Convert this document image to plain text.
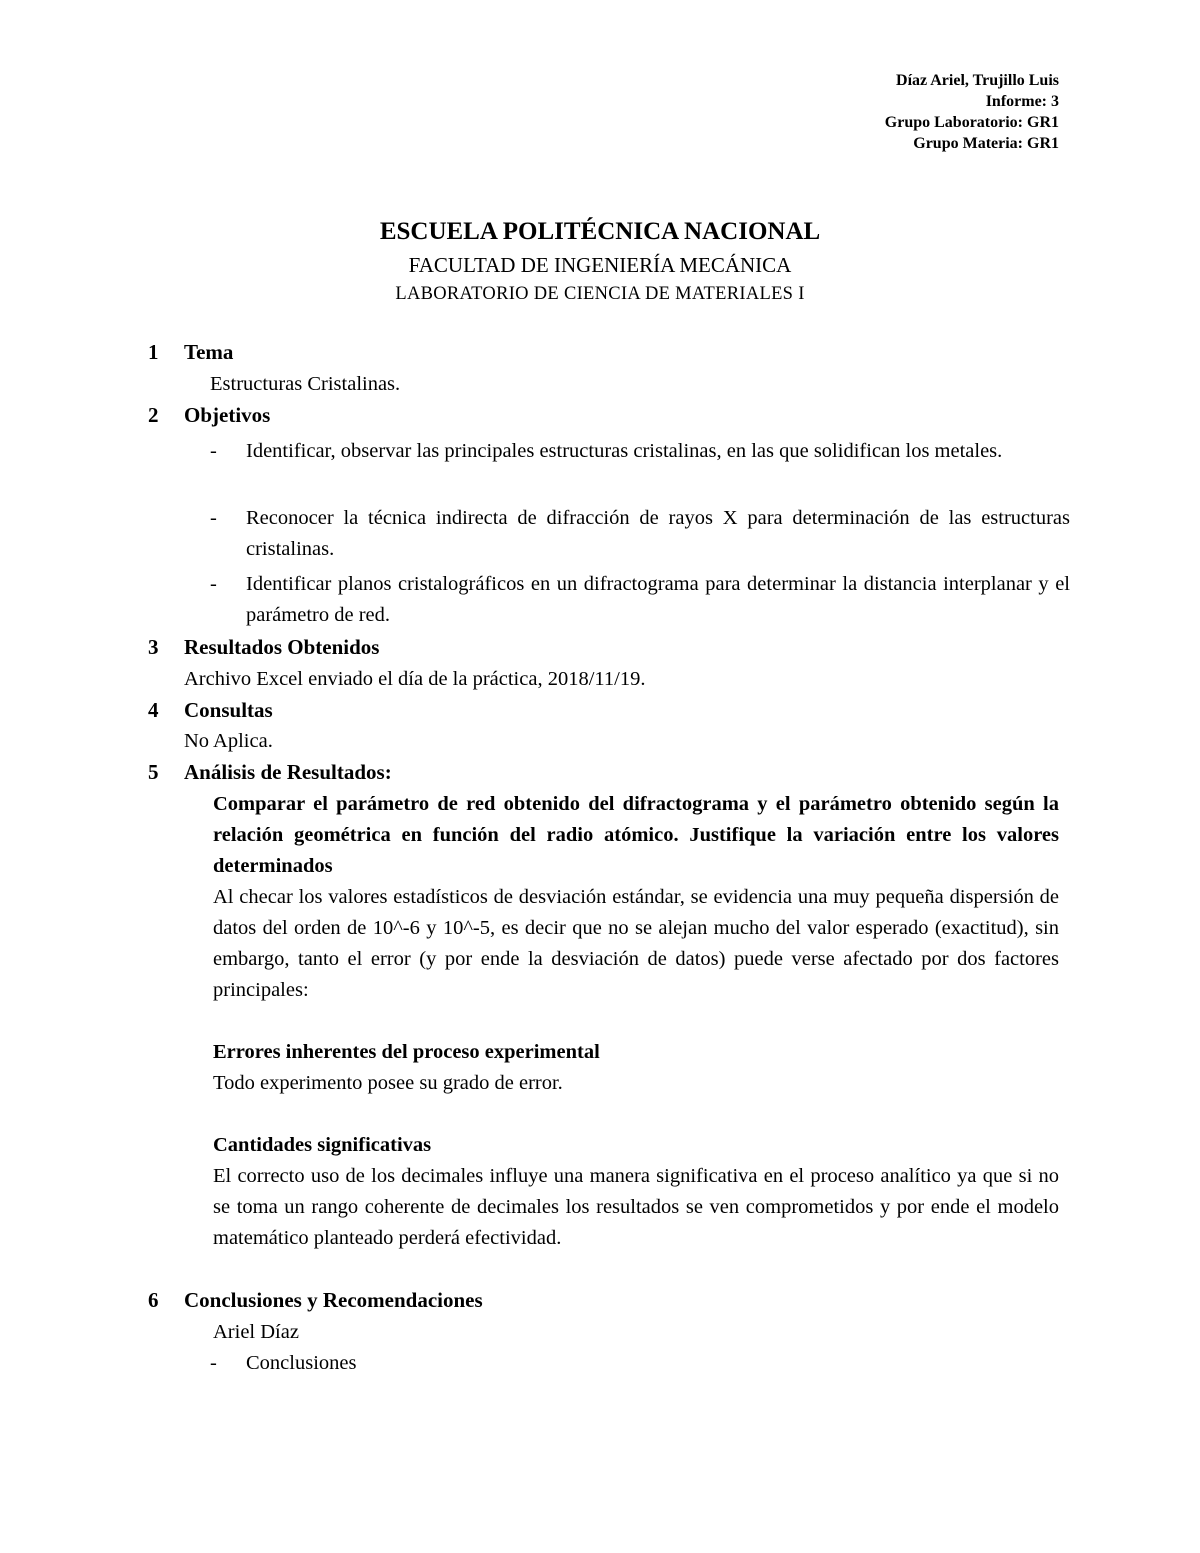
Díaz Ariel, Trujillo Luis
Informe: 3
Grupo Laboratorio: GR1
Grupo Materia: GR1
ESCUELA POLITÉCNICA NACIONAL
FACULTAD DE INGENIERÍA MECÁNICA
LABORATORIO DE CIENCIA DE MATERIALES I
1 Tema
Estructuras Cristalinas.
2 Objetivos
- Identificar, observar las principales estructuras cristalinas, en las que solidifican los metales.
- Reconocer la técnica indirecta de difracción de rayos X para determinación de las estructuras cristalinas.
- Identificar planos cristalográficos en un difractograma para determinar la distancia interplanar y el parámetro de red.
3 Resultados Obtenidos
Archivo Excel enviado el día de la práctica, 2018/11/19.
4 Consultas
No Aplica.
5 Análisis de Resultados:
Comparar el parámetro de red obtenido del difractograma y el parámetro obtenido según la relación geométrica en función del radio atómico. Justifique la variación entre los valores determinados
Al checar los valores estadísticos de desviación estándar, se evidencia una muy pequeña dispersión de datos del orden de 10^-6 y 10^-5, es decir que no se alejan mucho del valor esperado (exactitud), sin embargo, tanto el error (y por ende la desviación de datos) puede verse afectado por dos factores principales:
Errores inherentes del proceso experimental
Todo experimento posee su grado de error.
Cantidades significativas
El correcto uso de los decimales influye una manera significativa en el proceso analítico ya que si no se toma un rango coherente de decimales los resultados se ven comprometidos y por ende el modelo matemático planteado perderá efectividad.
6 Conclusiones y Recomendaciones
Ariel Díaz
- Conclusiones
